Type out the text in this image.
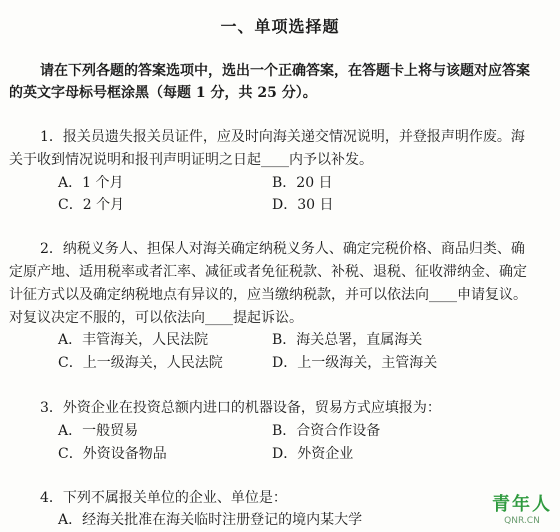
一、单项选择题
请在下列各题的答案选项中，选出一个正确答案，在答题卡上将与该题对应答案
的英文字母标号框涂黑（每题 1 分，共 25 分）。
1．报关员遗失报关员证件，应及时向海关递交情况说明，并登报声明作废。海
关于收到情况说明和报刊声明证明之日起____内予以补发。
A．1 个月	B．20 日
C．2 个月	D．30 日
2．纳税义务人、担保人对海关确定纳税义务人、确定完税价格、商品归类、确
定原产地、适用税率或者汇率、减征或者免征税款、补税、退税、征收滞纳金、确定
计征方式以及确定纳税地点有异议的，应当缴纳税款，并可以依法向____申请复议。
对复议决定不服的，可以依法向____提起诉讼。
A．丰管海关，人民法院	B．海关总署，直属海关
C．上一级海关，人民法院	D．上一级海关，主管海关
3．外资企业在投资总额内进口的机器设备，贸易方式应填报为：
A．一般贸易	B．合资合作设备
C．外资设备物品	D．外资企业
4．下列不属报关单位的企业、单位是：
A．经海关批准在海关临时注册登记的境内某大学
青年人
QNR.CN
